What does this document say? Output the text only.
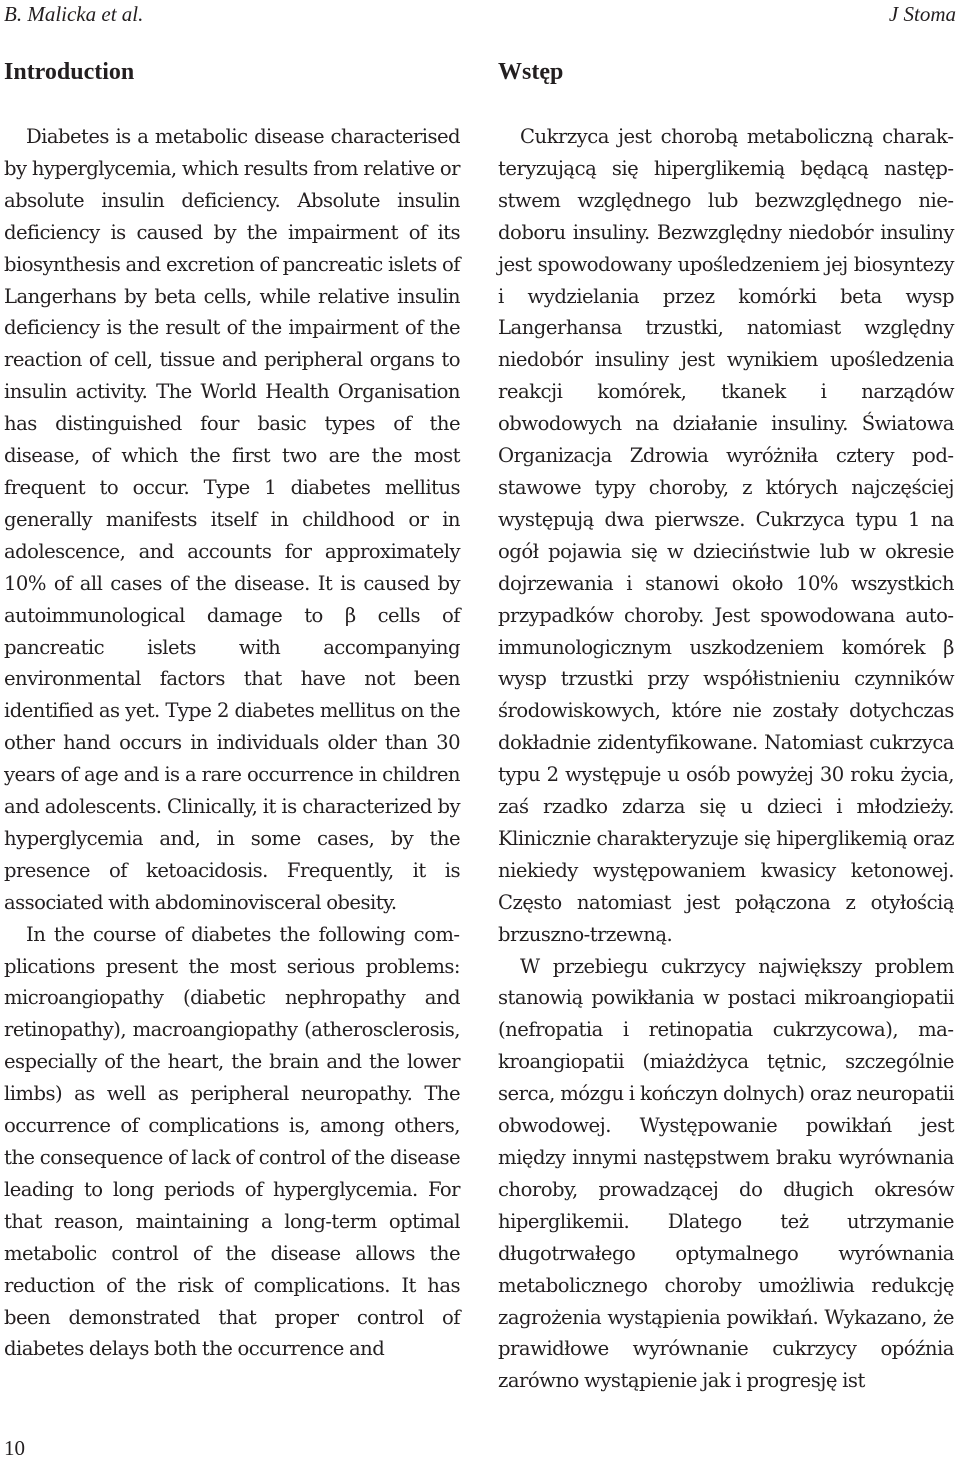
B. Malicka et al.	J Stoma
Introduction

Diabetes is a metabolic disease characterised by hyperglycemia, which results from relative or absolute insulin deficiency. Absolute insulin deficiency is caused by the impairment of its biosynthesis and excretion of pancreatic islets of Langerhans by beta cells, while relative insulin deficiency is the result of the impairment of the reaction of cell, tissue and peripheral organs to insulin activity. The World Health Organisation has distinguished four basic types of the disease, of which the first two are the most frequent to occur. Type 1 diabetes mellitus generally manifests itself in childhood or in adolescence, and accounts for approximately 10% of all cases of the disease. It is caused by autoimmunological damage to β cells of pancreatic islets with accompanying environmental factors that have not been identified as yet. Type 2 diabetes mellitus on the other hand occurs in individuals older than 30 years of age and is a rare occurrence in children and adolescents. Clinically, it is characterized by hyperglycemia and, in some cases, by the presence of ketoacidosis. Frequently, it is associated with abdominovisceral obesity.

In the course of diabetes the following complications present the most serious problems: microangiopathy (diabetic nephropathy and retinopathy), macroangiopathy (atherosclerosis, especially of the heart, the brain and the lower limbs) as well as peripheral neuropathy. The occurrence of complications is, among others, the consequence of lack of control of the disease leading to long periods of hyperglycemia. For that reason, maintaining a long-term optimal metabolic control of the disease allows the reduction of the risk of complications. It has been demonstrated that proper control of diabetes delays both the occurrence and

Wstęp

Cukrzyca jest chorobą metaboliczną charakteryzującą się hiperglikemią będącą następstwem względnego lub bezwzględnego niedoboru insuliny. Bezwzględny niedobór insuliny jest spowodowany upośledzeniem jej biosyntezy i wydzielania przez komórki beta wysp Langerhansa trzustki, natomiast względny niedobór insuliny jest wynikiem upośledzenia reakcji komórek, tkanek i narządów obwodowych na działanie insuliny. Światowa Organizacja Zdrowia wyróżniła cztery podstawowe typy choroby, z których najczęściej występują dwa pierwsze. Cukrzyca typu 1 na ogół pojawia się w dzieciństwie lub w okresie dojrzewania i stanowi około 10% wszystkich przypadków choroby. Jest spowodowana autoimmunologicznym uszkodzeniem komórek β wysp trzustki przy współistnieniu czynników środowiskowych, które nie zostały dotychczas dokładnie zidentyfikowane. Natomiast cukrzyca typu 2 występuje u osób powyżej 30 roku życia, zaś rzadko zdarza się u dzieci i młodzieży. Klinicznie charakteryzuje się hiperglikemią oraz niekiedy występowaniem kwasicy ketonowej. Często natomiast jest połączona z otyłością brzuszno-trzewną.

W przebiegu cukrzycy największy problem stanowią powikłania w postaci mikroangiopatii (nefropatia i retinopatia cukrzycowa), makroangiopatii (miażdżyca tętnic, szczególnie serca, mózgu i kończyn dolnych) oraz neuropatii obwodowej. Występowanie powikłań jest między innymi następstwem braku wyrównania choroby, prowadzącej do długich okresów hiperglikemii. Dlatego też utrzymanie długotrwałego optymalnego wyrównania metabolicznego choroby umożliwia redukcję zagrożenia wystąpienia powikłań. Wykazano, że prawidłowe wyrównanie cukrzycy opóźnia zarówno wystąpienie jak i progresję ist

10
